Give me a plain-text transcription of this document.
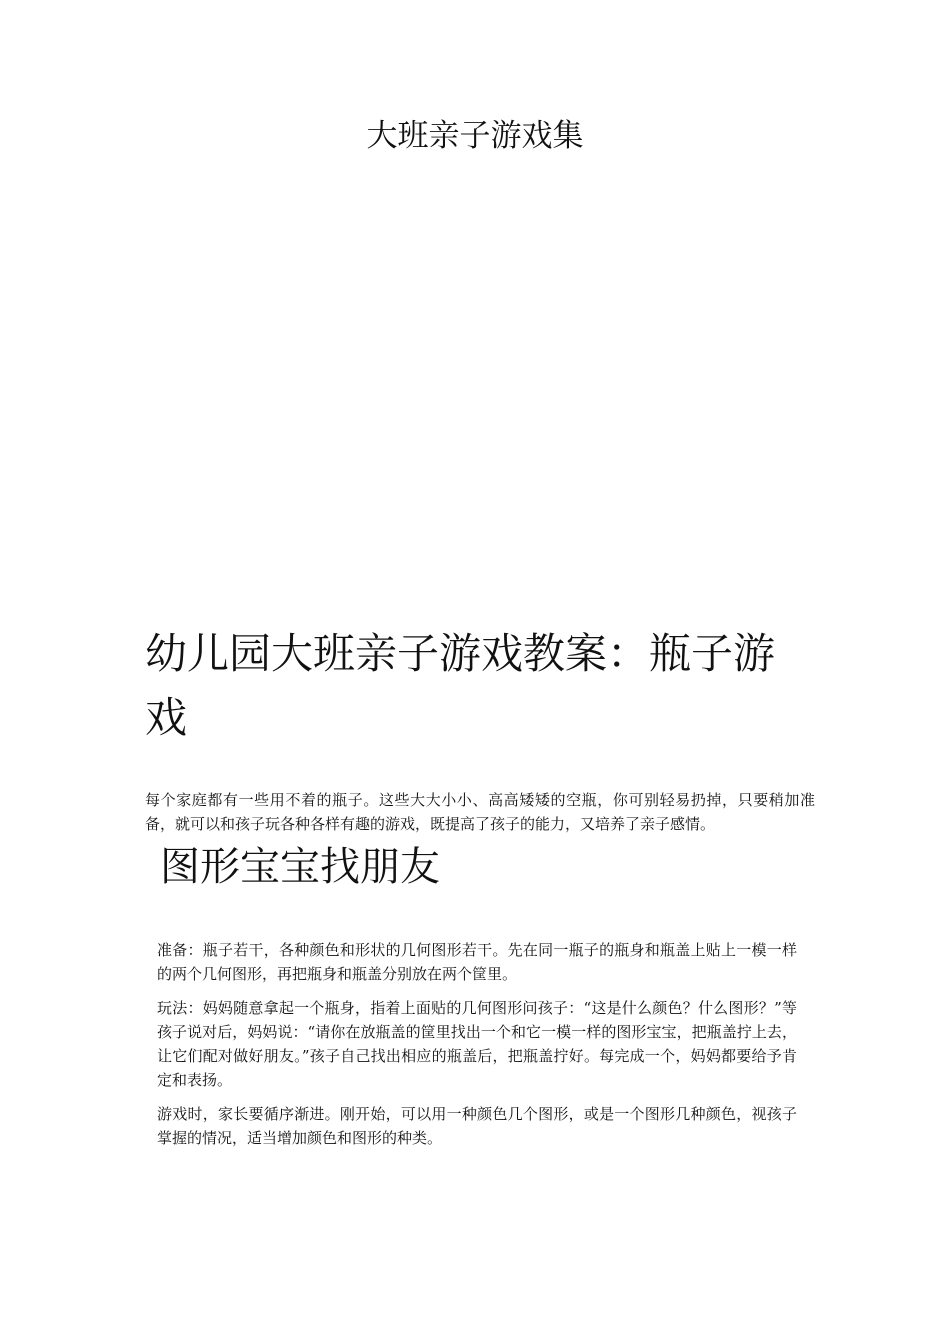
大班亲子游戏集
幼儿园大班亲子游戏教案：瓶子游戏

每个家庭都有一些用不着的瓶子。这些大大小小、高高矮矮的空瓶，你可别轻易扔掉，只要稍加准备，就可以和孩子玩各种各样有趣的游戏，既提高了孩子的能力，又培养了亲子感情。

图形宝宝找朋友

准备：瓶子若干，各种颜色和形状的几何图形若干。先在同一瓶子的瓶身和瓶盖上贴上一模一样的两个几何图形，再把瓶身和瓶盖分别放在两个筐里。

玩法：妈妈随意拿起一个瓶身，指着上面贴的几何图形问孩子：“这是什么颜色？什么图形？”等孩子说对后，妈妈说：“请你在放瓶盖的筐里找出一个和它一模一样的图形宝宝，把瓶盖拧上去，让它们配对做好朋友。”孩子自己找出相应的瓶盖后，把瓶盖拧好。每完成一个，妈妈都要给予肯定和表扬。

游戏时，家长要循序渐进。刚开始，可以用一种颜色几个图形，或是一个图形几种颜色，视孩子掌握的情况，适当增加颜色和图形的种类。
